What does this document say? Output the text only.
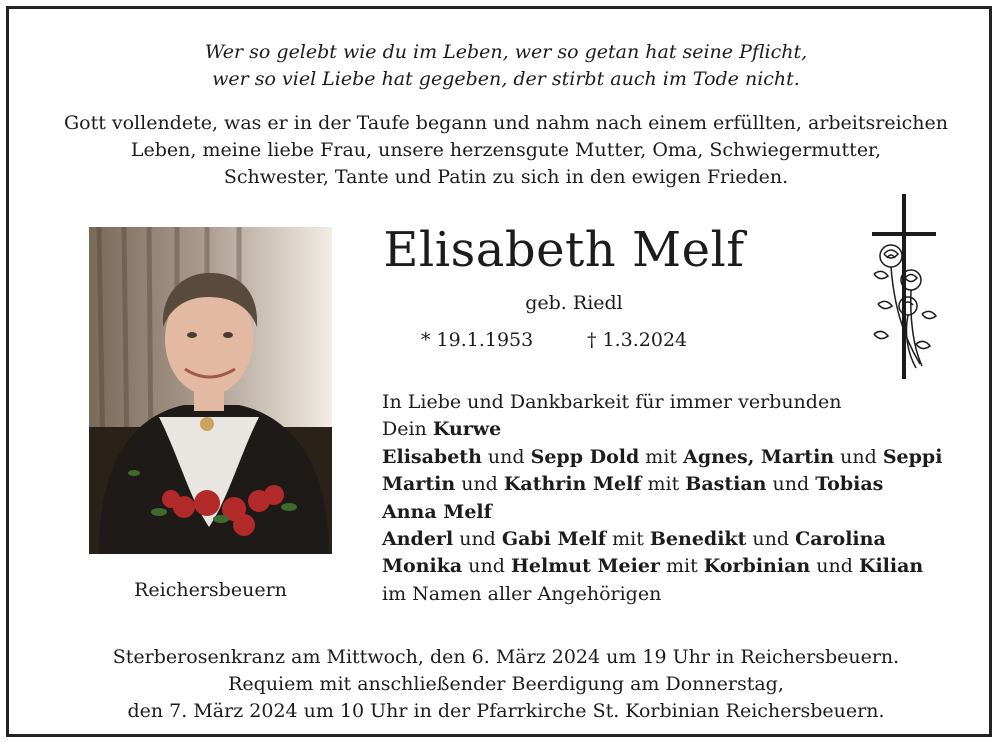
Wer so gelebt wie du im Leben, wer so getan hat seine Pflicht,
wer so viel Liebe hat gegeben, der stirbt auch im Tode nicht.
Gott vollendete, was er in der Taufe begann und nahm nach einem erfüllten, arbeitsreichen
Leben, meine liebe Frau, unsere herzensgute Mutter, Oma, Schwiegermutter,
Schwester, Tante und Patin zu sich in den ewigen Frieden.
Reichersbeuern
Elisabeth Melf
geb. Riedl
* 19.1.1953	† 1.3.2024
In Liebe und Dankbarkeit für immer verbunden
Dein Kurwe
Elisabeth und Sepp Dold mit Agnes, Martin und Seppi
Martin und Kathrin Melf mit Bastian und Tobias
Anna Melf
Anderl und Gabi Melf mit Benedikt und Carolina
Monika und Helmut Meier mit Korbinian und Kilian
im Namen aller Angehörigen
Sterberosenkranz am Mittwoch, den 6. März 2024 um 19 Uhr in Reichersbeuern.
Requiem mit anschließender Beerdigung am Donnerstag,
den 7. März 2024 um 10 Uhr in der Pfarrkirche St. Korbinian Reichersbeuern.
